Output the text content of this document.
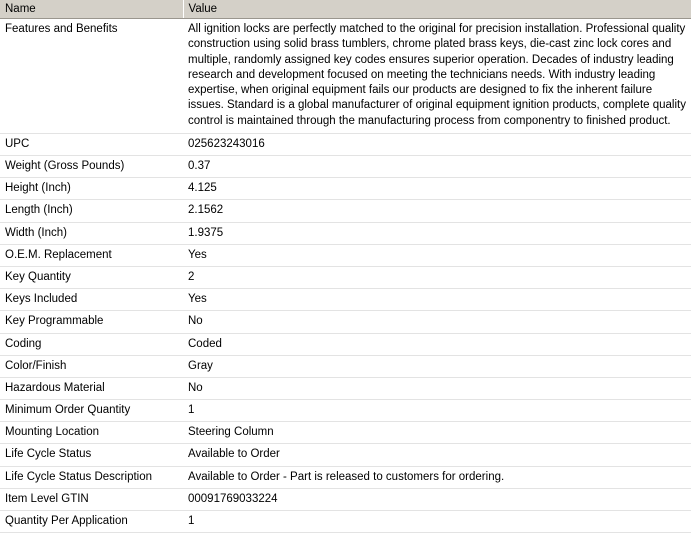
Name	Value
Features and Benefits	All ignition locks are perfectly matched to the original for precision installation. Professional quality construction using solid brass tumblers, chrome plated brass keys, die-cast zinc lock cores and multiple, randomly assigned key codes ensures superior operation. Decades of industry leading research and development focused on meeting the technicians needs. With industry leading expertise, when original equipment fails our products are designed to fix the inherent failure issues. Standard is a global manufacturer of original equipment ignition products, complete quality control is maintained through the manufacturing process from componentry to finished product.
UPC	025623243016
Weight (Gross Pounds)	0.37
Height (Inch)	4.125
Length (Inch)	2.1562
Width (Inch)	1.9375
O.E.M. Replacement	Yes
Key Quantity	2
Keys Included	Yes
Key Programmable	No
Coding	Coded
Color/Finish	Gray
Hazardous Material	No
Minimum Order Quantity	1
Mounting Location	Steering Column
Life Cycle Status	Available to Order
Life Cycle Status Description	Available to Order - Part is released to customers for ordering.
Item Level GTIN	00091769033224
Quantity Per Application	1
